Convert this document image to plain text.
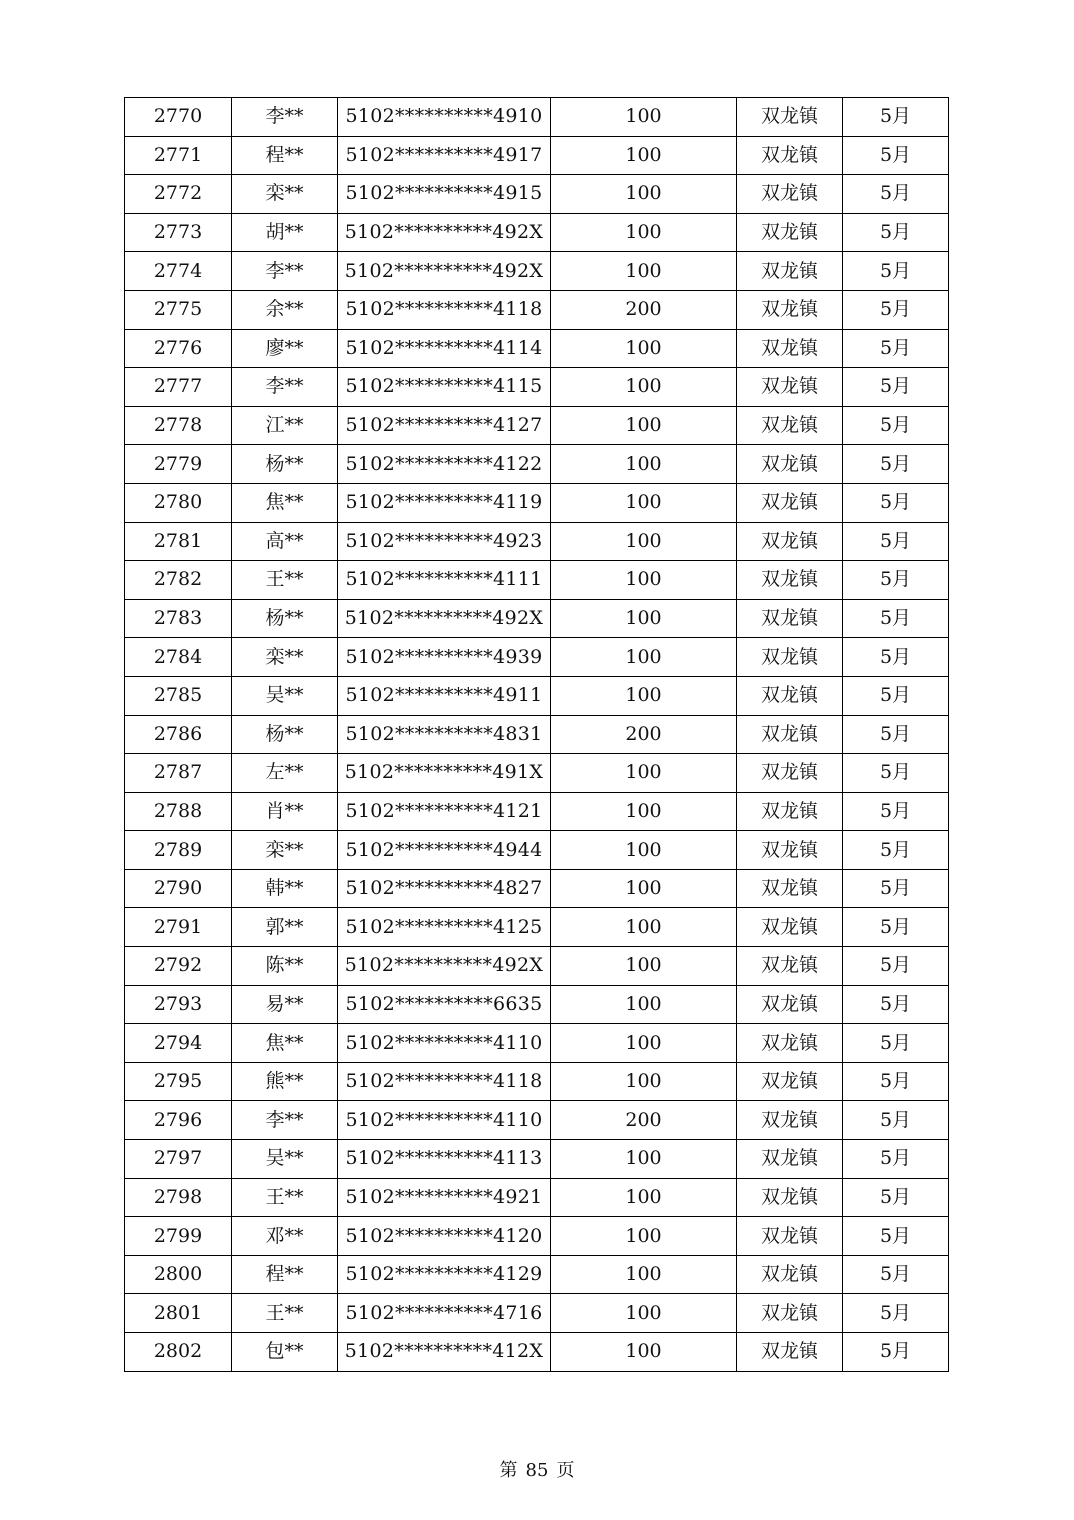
2770	李**	5102**********4910	100	双龙镇	5月
2771	程**	5102**********4917	100	双龙镇	5月
2772	栾**	5102**********4915	100	双龙镇	5月
2773	胡**	5102**********492X	100	双龙镇	5月
2774	李**	5102**********492X	100	双龙镇	5月
2775	余**	5102**********4118	200	双龙镇	5月
2776	廖**	5102**********4114	100	双龙镇	5月
2777	李**	5102**********4115	100	双龙镇	5月
2778	江**	5102**********4127	100	双龙镇	5月
2779	杨**	5102**********4122	100	双龙镇	5月
2780	焦**	5102**********4119	100	双龙镇	5月
2781	高**	5102**********4923	100	双龙镇	5月
2782	王**	5102**********4111	100	双龙镇	5月
2783	杨**	5102**********492X	100	双龙镇	5月
2784	栾**	5102**********4939	100	双龙镇	5月
2785	吴**	5102**********4911	100	双龙镇	5月
2786	杨**	5102**********4831	200	双龙镇	5月
2787	左**	5102**********491X	100	双龙镇	5月
2788	肖**	5102**********4121	100	双龙镇	5月
2789	栾**	5102**********4944	100	双龙镇	5月
2790	韩**	5102**********4827	100	双龙镇	5月
2791	郭**	5102**********4125	100	双龙镇	5月
2792	陈**	5102**********492X	100	双龙镇	5月
2793	易**	5102**********6635	100	双龙镇	5月
2794	焦**	5102**********4110	100	双龙镇	5月
2795	熊**	5102**********4118	100	双龙镇	5月
2796	李**	5102**********4110	200	双龙镇	5月
2797	吴**	5102**********4113	100	双龙镇	5月
2798	王**	5102**********4921	100	双龙镇	5月
2799	邓**	5102**********4120	100	双龙镇	5月
2800	程**	5102**********4129	100	双龙镇	5月
2801	王**	5102**********4716	100	双龙镇	5月
2802	包**	5102**********412X	100	双龙镇	5月
第 85 页
